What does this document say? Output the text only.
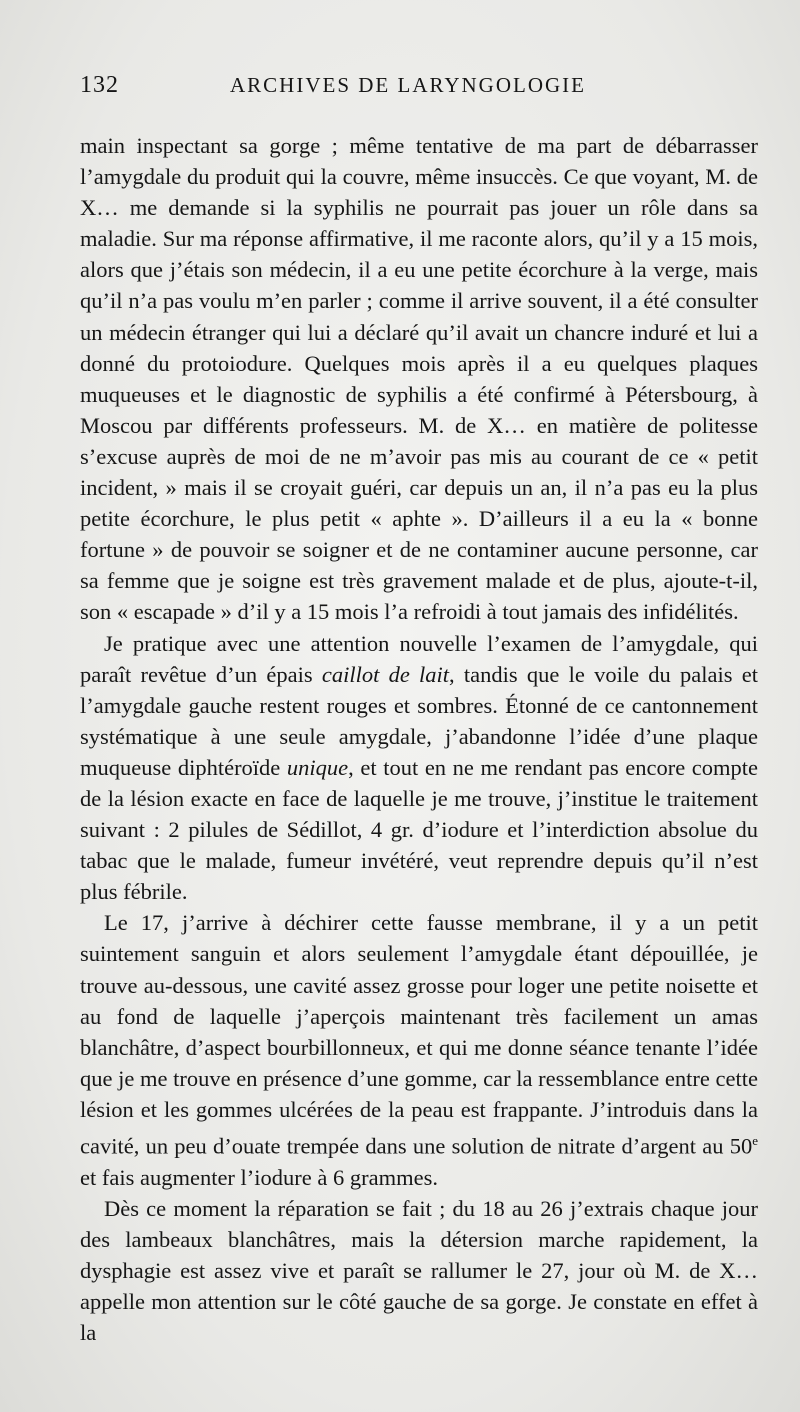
132	ARCHIVES DE LARYNGOLOGIE

main inspectant sa gorge ; même tentative de ma part de débarrasser l’amygdale du produit qui la couvre, même insuccès. Ce que voyant, M. de X… me demande si la syphilis ne pourrait pas jouer un rôle dans sa maladie. Sur ma réponse affirmative, il me raconte alors, qu’il y a 15 mois, alors que j’étais son médecin, il a eu une petite écorchure à la verge, mais qu’il n’a pas voulu m’en parler ; comme il arrive souvent, il a été consulter un médecin étranger qui lui a déclaré qu’il avait un chancre induré et lui a donné du protoiodure. Quelques mois après il a eu quelques plaques muqueuses et le diagnostic de syphilis a été confirmé à Pétersbourg, à Moscou par différents professeurs. M. de X… en matière de politesse s’excuse auprès de moi de ne m’avoir pas mis au courant de ce « petit incident, » mais il se croyait guéri, car depuis un an, il n’a pas eu la plus petite écorchure, le plus petit « aphte ». D’ailleurs il a eu la « bonne fortune » de pouvoir se soigner et de ne contaminer aucune personne, car sa femme que je soigne est très gravement malade et de plus, ajoute-t-il, son « escapade » d’il y a 15 mois l’a refroidi à tout jamais des infidélités.

Je pratique avec une attention nouvelle l’examen de l’amygdale, qui paraît revêtue d’un épais caillot de lait, tandis que le voile du palais et l’amygdale gauche restent rouges et sombres. Étonné de ce cantonnement systématique à une seule amygdale, j’abandonne l’idée d’une plaque muqueuse diphtéroïde unique, et tout en ne me rendant pas encore compte de la lésion exacte en face de laquelle je me trouve, j’institue le traitement suivant : 2 pilules de Sédillot, 4 gr. d’iodure et l’interdiction absolue du tabac que le malade, fumeur invétéré, veut reprendre depuis qu’il n’est plus fébrile.

Le 17, j’arrive à déchirer cette fausse membrane, il y a un petit suintement sanguin et alors seulement l’amygdale étant dépouillée, je trouve au-dessous, une cavité assez grosse pour loger une petite noisette et au fond de laquelle j’aperçois maintenant très facilement un amas blanchâtre, d’aspect bourbillonneux, et qui me donne séance tenante l’idée que je me trouve en présence d’une gomme, car la ressemblance entre cette lésion et les gommes ulcérées de la peau est frappante. J’introduis dans la cavité, un peu d’ouate trempée dans une solution de nitrate d’argent au 50e et fais augmenter l’iodure à 6 grammes.

Dès ce moment la réparation se fait ; du 18 au 26 j’extrais chaque jour des lambeaux blanchâtres, mais la détersion marche rapidement, la dysphagie est assez vive et paraît se rallumer le 27, jour où M. de X… appelle mon attention sur le côté gauche de sa gorge. Je constate en effet à la
